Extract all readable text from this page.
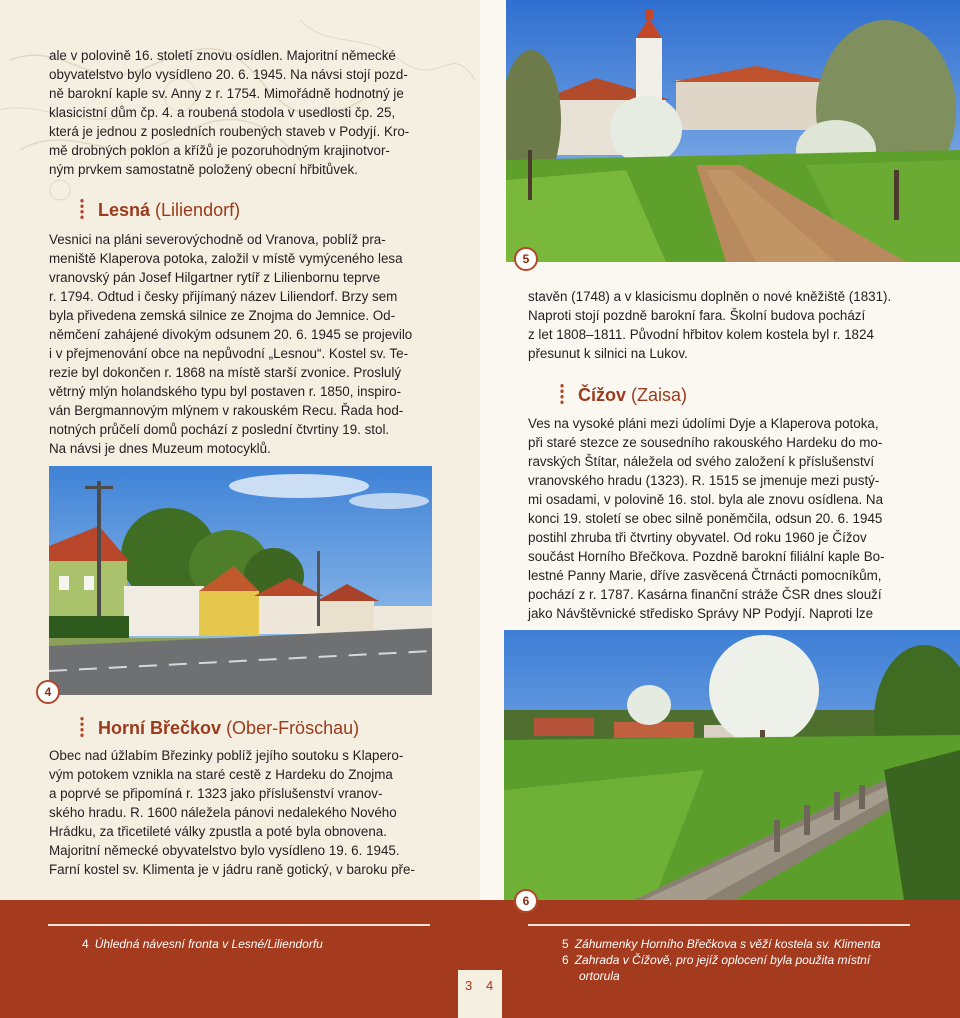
ale v polovině 16. století znovu osídlen. Majoritní německé

obyvatelstvo bylo vysídleno 20. 6. 1945. Na návsi stojí pozd-

ně barokní kaple sv. Anny z r. 1754. Mimořádně hodnotný je

klasicistní dům čp. 4. a roubená stodola v usedlosti čp. 25,

která je jednou z posledních roubených staveb v Podyjí. Kro-

mě drobných poklon a křížů je pozoruhodným krajinotvor-

ným prvkem samostatně položený obecní hřbitůvek.

Lesná (Liliendorf)

Vesnici na pláni severovýchodně od Vranova, poblíž pra-

meniště Klaperova potoka, založil v místě vymýceného lesa

vranovský pán Josef Hilgartner rytíř z Lilienbornu teprve

r. 1794. Odtud i česky přijímaný název Liliendorf. Brzy sem

byla přivedena zemská silnice ze Znojma do Jemnice. Od-

němčení zahájené divokým odsunem 20. 6. 1945 se projevilo

i v přejmenování obce na nepůvodní „Lesnou“. Kostel sv. Te-

rezie byl dokončen r. 1868 na místě starší zvonice. Proslulý

větrný mlýn holandského typu byl postaven r. 1850, inspiro-

ván Bergmannovým mlýnem v rakouském Recu. Řada hod-

notných průčelí domů pochází z poslední čtvrtiny 19. stol.

Na návsi je dnes Muzeum motocyklů.

4
Horní Břečkov (Ober-Fröschau)

Obec nad úžlabím Březinky poblíž jejího soutoku s Klapero-

vým potokem vznikla na staré cestě z Hardeku do Znojma

a poprvé se připomíná r. 1323 jako příslušenství vranov-

ského hradu. R. 1600 náležela pánovi nedalekého Nového

Hrádku, za třicetileté války zpustla a poté byla obnovena.

Majoritní německé obyvatelstvo bylo vysídleno 19. 6. 1945.

Farní kostel sv. Klimenta je v jádru raně gotický, v baroku pře-

5

stavěn (1748) a v klasicismu doplněn o nové kněžiště (1831).

Naproti stojí pozdně barokní fara. Školní budova pochází

z let 1808–1811. Původní hřbitov kolem kostela byl r. 1824

přesunut k silnici na Lukov.

Čížov (Zaisa)

Ves na vysoké pláni mezi údolími Dyje a Klaperova potoka,

při staré stezce ze sousedního rakouského Hardeku do mo-

ravských Štítar, náležela od svého založení k příslušenství

vranovského hradu (1323). R. 1515 se jmenuje mezi pustý-

mi osadami, v polovině 16. stol. byla ale znovu osídlena. Na

konci 19. století se obec silně poněmčila, odsun 20. 6. 1945

postihl zhruba tři čtvrtiny obyvatel. Od roku 1960 je Čížov

součást Horního Břečkova. Pozdně barokní filiální kaple Bo-

lestné Panny Marie, dříve zasvěcená Čtrnácti pomocníkům,

pochází z r. 1787. Kasárna finanční stráže ČSR dnes slouží

jako Návštěvnické středisko Správy NP Podyjí. Naproti lze

6
4 Úhledná návesní fronta v Lesné/Liliendorfu	5 Záhumenky Horního Břečkova s věží kostela sv. Klimenta
6 Zahrada v Čížově, pro jejíž oplocení byla použita místní
ortorula
3 4
